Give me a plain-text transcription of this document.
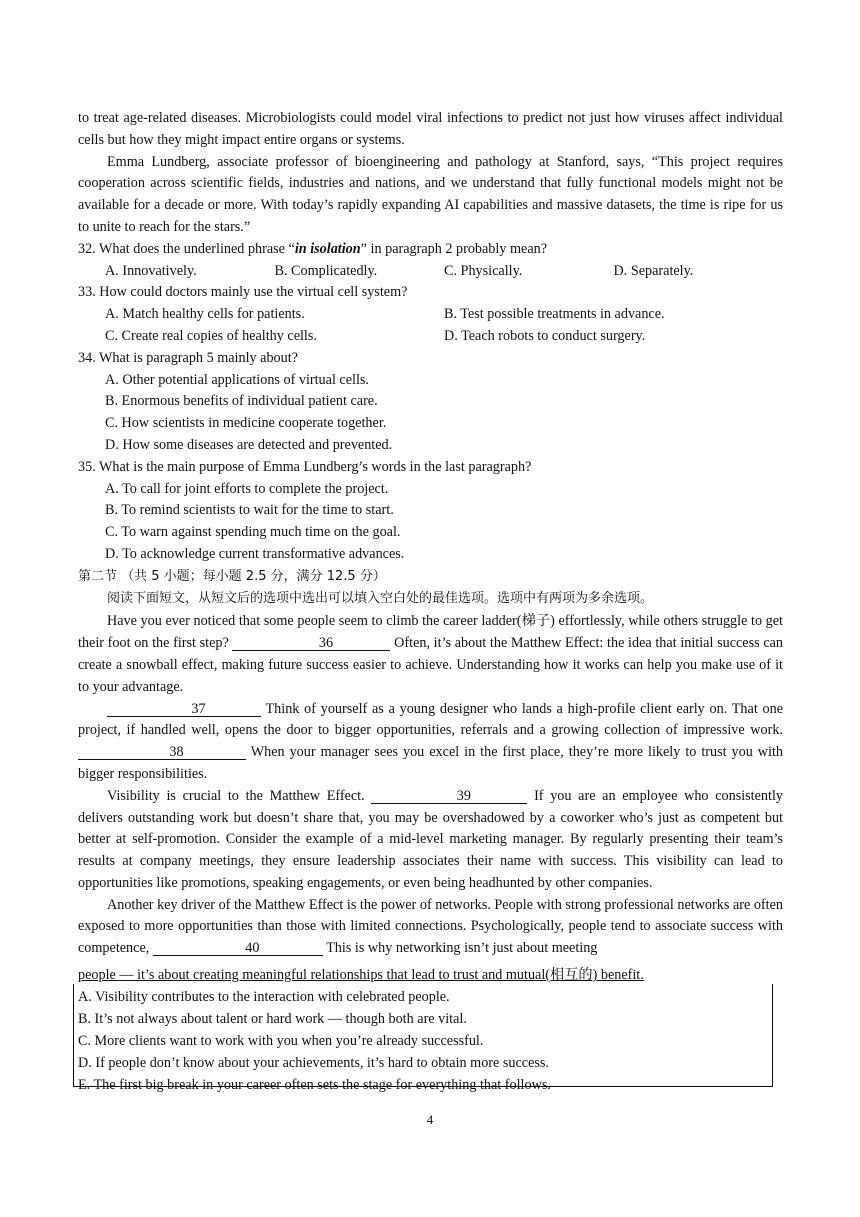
to treat age-related diseases. Microbiologists could model viral infections to predict not just how viruses affect individual cells but how they might impact entire organs or systems.

Emma Lundberg, associate professor of bioengineering and pathology at Stanford, says, “This project requires cooperation across scientific fields, industries and nations, and we understand that fully functional models might not be available for a decade or more. With today’s rapidly expanding AI capabilities and massive datasets, the time is ripe for us to unite to reach for the stars.”

32. What does the underlined phrase “in isolation” in paragraph 2 probably mean?

A. Innovatively.	B. Complicatedly.	C. Physically.	D. Separately.

33. How could doctors mainly use the virtual cell system?

A. Match healthy cells for patients.	B. Test possible treatments in advance.
C. Create real copies of healthy cells.	D. Teach robots to conduct surgery.

34. What is paragraph 5 mainly about?

A. Other potential applications of virtual cells.

B. Enormous benefits of individual patient care.

C. How scientists in medicine cooperate together.

D. How some diseases are detected and prevented.

35. What is the main purpose of Emma Lundberg’s words in the last paragraph?

A. To call for joint efforts to complete the project.

B. To remind scientists to wait for the time to start.

C. To warn against spending much time on the goal.

D. To acknowledge current transformative advances.

第二节 （共 5 小题；每小题 2.5 分，满分 12.5 分）

阅读下面短文，从短文后的选项中选出可以填入空白处的最佳选项。选项中有两项为多余选项。

Have you ever noticed that some people seem to climb the career ladder(梯子) effortlessly, while others struggle to get their foot on the first step?	36	Often, it’s about the Matthew Effect: the idea that initial success can create a snowball effect, making future success easier to achieve. Understanding how it works can help you make use of it to your advantage.

37	Think of yourself as a young designer who lands a high-profile client early on. That one project, if handled well, opens the door to bigger opportunities, referrals and a growing collection of impressive work. 38	When your manager sees you excel in the first place, they’re more likely to trust you with bigger responsibilities.

Visibility is crucial to the Matthew Effect.	39	If you are an employee who consistently delivers outstanding work but doesn’t share that, you may be overshadowed by a coworker who’s just as competent but better at self-promotion. Consider the example of a mid-level marketing manager. By regularly presenting their team’s results at company meetings, they ensure leadership associates their name with success. This visibility can lead to opportunities like promotions, speaking engagements, or even being headhunted by other companies.

Another key driver of the Matthew Effect is the power of networks. People with strong professional networks are often exposed to more opportunities than those with limited connections. Psychologically, people tend to associate success with competence,	40	This is why networking isn’t just about meeting

people — it’s about creating meaningful relationships that lead to trust and mutual(相互的) benefit.

A. Visibility contributes to the interaction with celebrated people.

B. It’s not always about talent or hard work — though both are vital.

C. More clients want to work with you when you’re already successful.

D. If people don’t know about your achievements, it’s hard to obtain more success.

E. The first big break in your career often sets the stage for everything that follows.

4
